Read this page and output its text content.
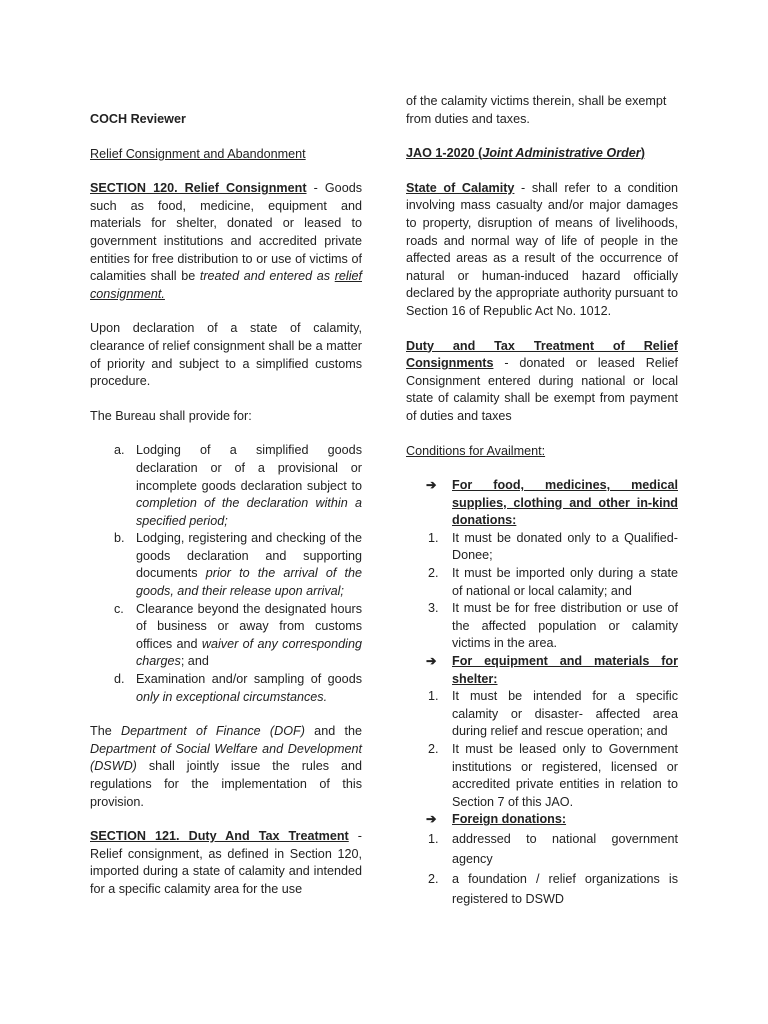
COCH Reviewer

Relief Consignment and Abandonment

SECTION 120. Relief Consignment - Goods such as food, medicine, equipment and materials for shelter, donated or leased to government institutions and accredited private entities for free distribution to or use of victims of calamities shall be treated and entered as relief consignment.

Upon declaration of a state of calamity, clearance of relief consignment shall be a matter of priority and subject to a simplified customs procedure.

The Bureau shall provide for:

a. Lodging of a simplified goods declaration or of a provisional or incomplete goods declaration subject to completion of the declaration within a specified period;
b. Lodging, registering and checking of the goods declaration and supporting documents prior to the arrival of the goods, and their release upon arrival;
c. Clearance beyond the designated hours of business or away from customs offices and waiver of any corresponding charges; and
d. Examination and/or sampling of goods only in exceptional circumstances.

The Department of Finance (DOF) and the Department of Social Welfare and Development (DSWD) shall jointly issue the rules and regulations for the implementation of this provision.

SECTION 121. Duty And Tax Treatment - Relief consignment, as defined in Section 120, imported during a state of calamity and intended for a specific calamity area for the use

of the calamity victims therein, shall be exempt from duties and taxes.

JAO 1-2020 (Joint Administrative Order)

State of Calamity - shall refer to a condition involving mass casualty and/or major damages to property, disruption of means of livelihoods, roads and normal way of life of people in the affected areas as a result of the occurrence of natural or human-induced hazard officially declared by the appropriate authority pursuant to Section 16 of Republic Act No. 1012.

Duty and Tax Treatment of Relief Consignments - donated or leased Relief Consignment entered during national or local state of calamity shall be exempt from payment of duties and taxes

Conditions for Availment:

➔ For food, medicines, medical supplies, clothing and other in-kind donations:
1. It must be donated only to a Qualified-Donee;
2. It must be imported only during a state of national or local calamity; and
3. It must be for free distribution or use of the affected population or calamity victims in the area.
➔ For equipment and materials for shelter:
1. It must be intended for a specific calamity or disaster- affected area during relief and rescue operation; and
2. It must be leased only to Government institutions or registered, licensed or accredited private entities in relation to Section 7 of this JAO.
➔ Foreign donations:
1. addressed to national government agency
2. a foundation / relief organizations is registered to DSWD
